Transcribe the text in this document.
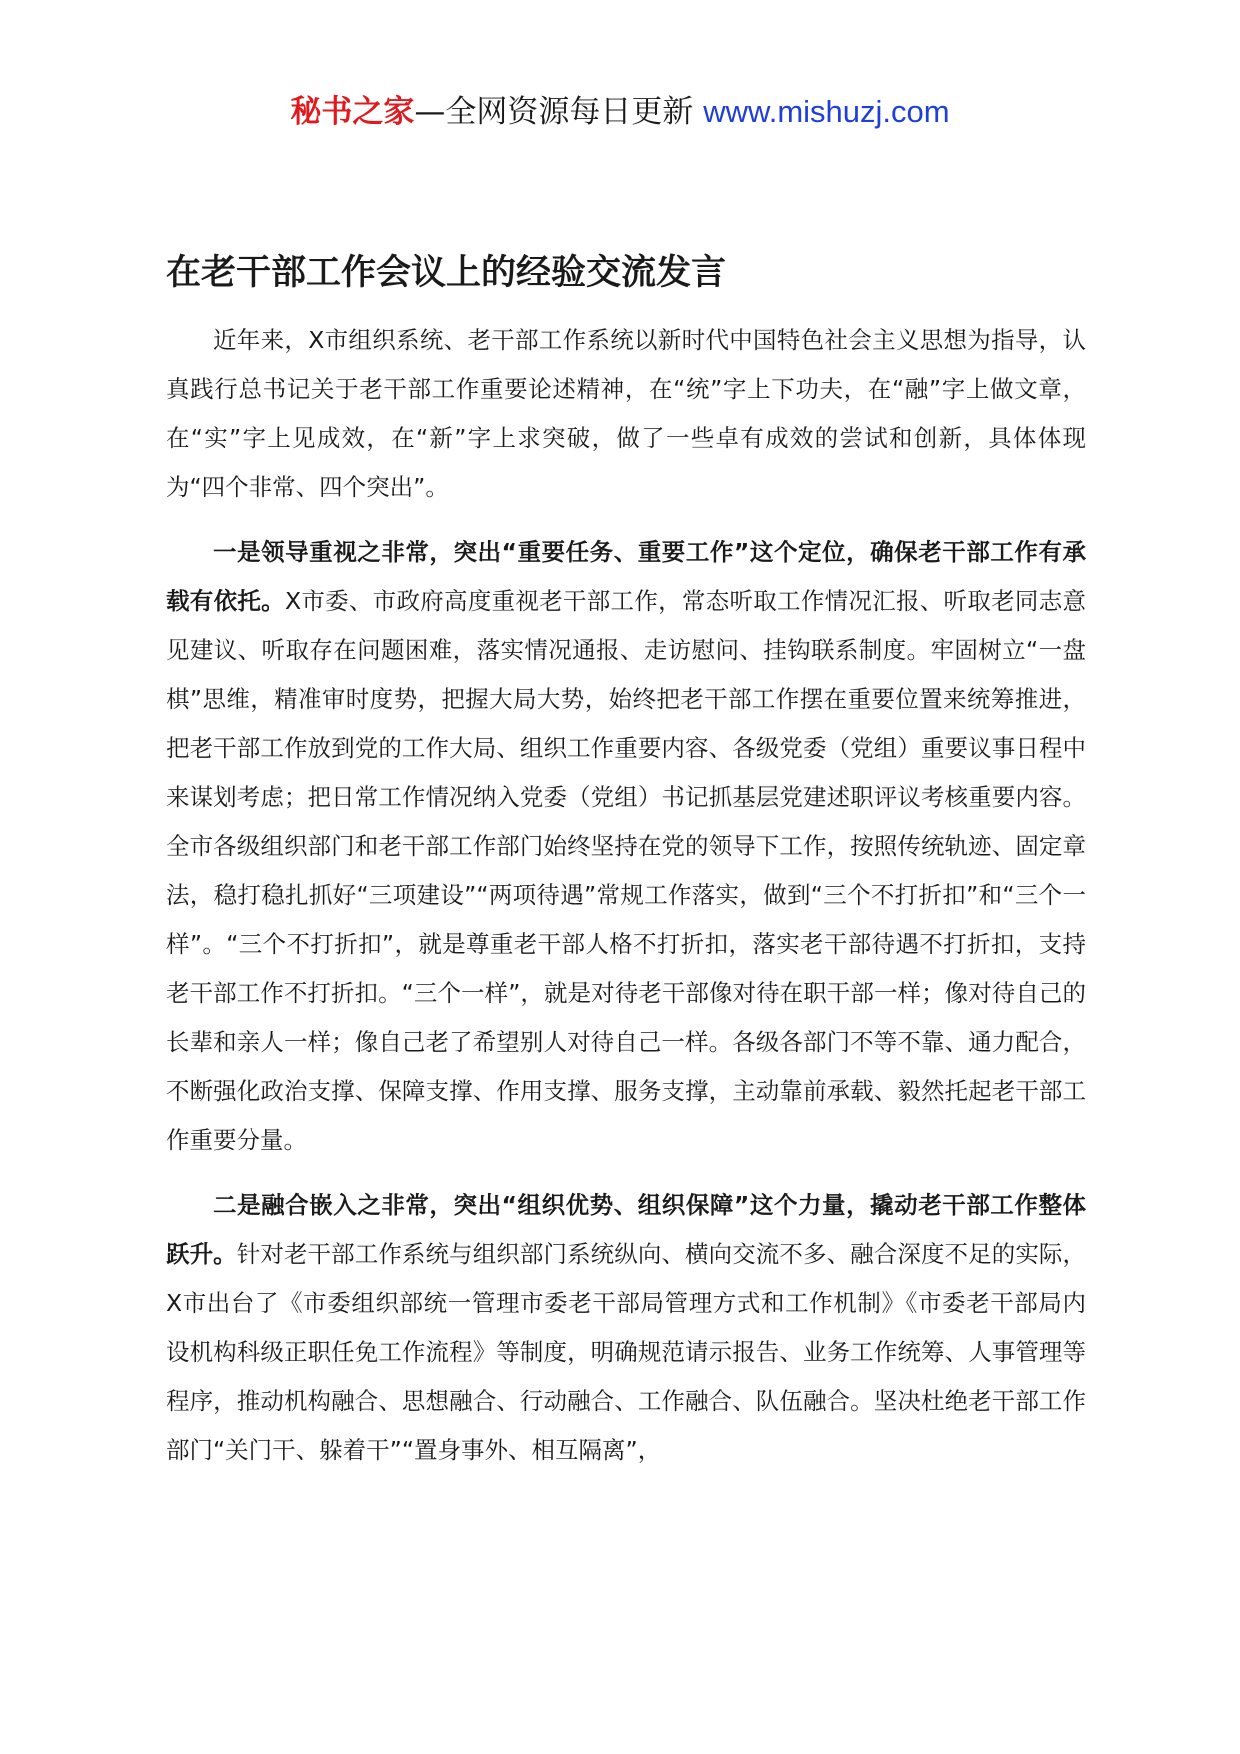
秘书之家—全网资源每日更新 www.mishuzj.com
在老干部工作会议上的经验交流发言

近年来，X市组织系统、老干部工作系统以新时代中国特色社会主义思想为指导，认真践行总书记关于老干部工作重要论述精神，在“统”字上下功夫，在“融”字上做文章，在“实”字上见成效，在“新”字上求突破，做了一些卓有成效的尝试和创新，具体体现为“四个非常、四个突出”。

一是领导重视之非常，突出“重要任务、重要工作”这个定位，确保老干部工作有承载有依托。X市委、市政府高度重视老干部工作，常态听取工作情况汇报、听取老同志意见建议、听取存在问题困难，落实情况通报、走访慰问、挂钩联系制度。牢固树立“一盘棋”思维，精准审时度势，把握大局大势，始终把老干部工作摆在重要位置来统筹推进，把老干部工作放到党的工作大局、组织工作重要内容、各级党委（党组）重要议事日程中来谋划考虑；把日常工作情况纳入党委（党组）书记抓基层党建述职评议考核重要内容。全市各级组织部门和老干部工作部门始终坚持在党的领导下工作，按照传统轨迹、固定章法，稳打稳扎抓好“三项建设”“两项待遇”常规工作落实，做到“三个不打折扣”和“三个一样”。“三个不打折扣”，就是尊重老干部人格不打折扣，落实老干部待遇不打折扣，支持老干部工作不打折扣。“三个一样”，就是对待老干部像对待在职干部一样；像对待自己的长辈和亲人一样；像自己老了希望别人对待自己一样。各级各部门不等不靠、通力配合，不断强化政治支撑、保障支撑、作用支撑、服务支撑，主动靠前承载、毅然托起老干部工作重要分量。

二是融合嵌入之非常，突出“组织优势、组织保障”这个力量，撬动老干部工作整体跃升。针对老干部工作系统与组织部门系统纵向、横向交流不多、融合深度不足的实际，X市出台了《市委组织部统一管理市委老干部局管理方式和工作机制》《市委老干部局内设机构科级正职任免工作流程》等制度，明确规范请示报告、业务工作统筹、人事管理等程序，推动机构融合、思想融合、行动融合、工作融合、队伍融合。坚决杜绝老干部工作部门“关门干、躲着干”“置身事外、相互隔离”，
